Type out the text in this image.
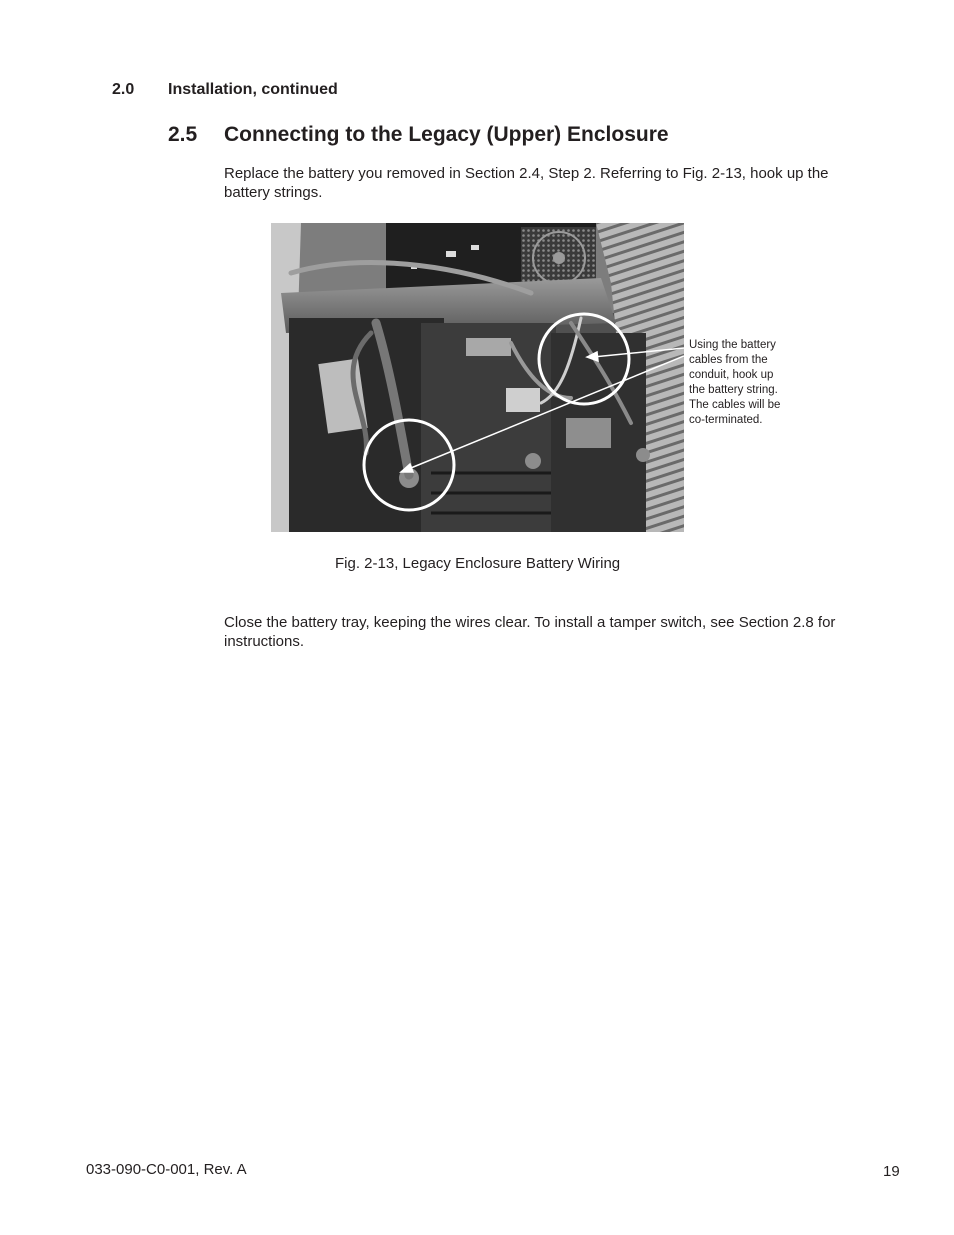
2.0 Installation, continued
2.5 Connecting to the Legacy (Upper) Enclosure
Replace the battery you removed in Section 2.4, Step 2. Referring to Fig. 2-13, hook up the battery strings.
Using the battery
cables from the
conduit, hook up
the battery string.
The cables will be
co-terminated.
Fig. 2-13, Legacy Enclosure Battery Wiring
Close the battery tray, keeping the wires clear. To install a tamper switch, see Section 2.8 for instructions.
033-090-C0-001, Rev. A	19
